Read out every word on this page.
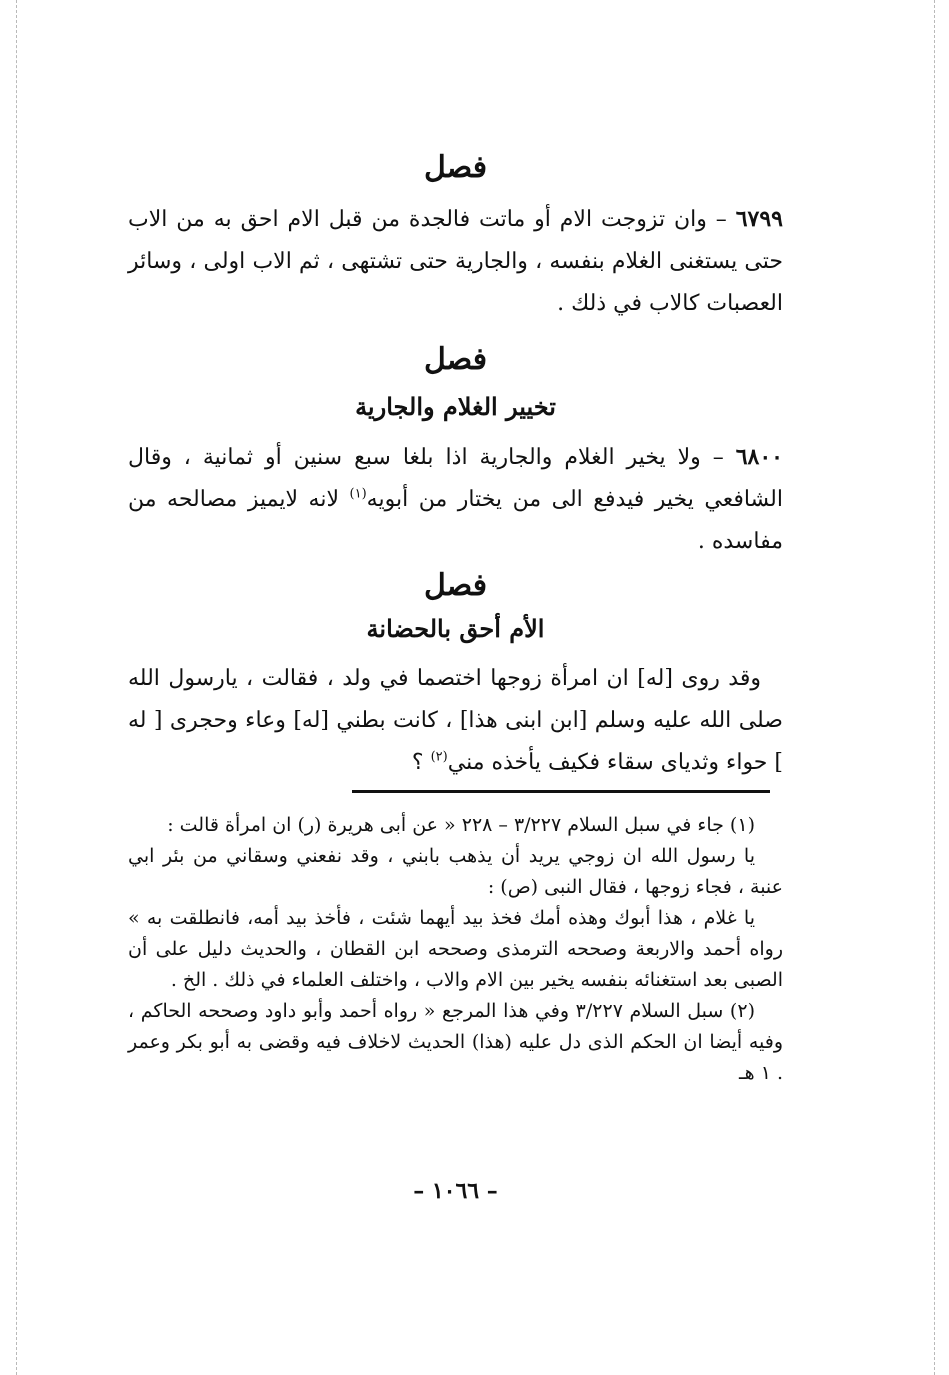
فصل
٦٧٩٩ – وان تزوجت الام أو ماتت فالجدة من قبل الام احق به من الاب حتى يستغنى الغلام بنفسه ، والجارية حتى تشتهى ، ثم الاب اولى ، وسائر العصبات كالاب في ذلك .
فصل
تخيير الغلام والجارية
٦٨٠٠ – ولا يخير الغلام والجارية اذا بلغا سبع سنين أو ثمانية ، وقال الشافعي يخير فيدفع الى من يختار من أبويه$^{(١)}$ لانه لايميز مصالحه من مفاسده .
فصل
الأم أحق بالحضانة
وقد روى [له] ان امرأة زوجها اختصما في ولد ، فقالت ، يارسول الله صلى الله عليه وسلم [ابن ابنى هذا] ، كانت بطني [له] وعاء وحجرى [ له ] حواء وثدياى سقاء فكيف يأخذه مني$^{(٢)}$ ؟

(١) جاء في سبل السلام ٣/٢٢٧ – ٢٢٨ « عن أبى هريرة (ر) ان امرأة قالت :

يا رسول الله ان زوجي يريد أن يذهب بابني ، وقد نفعني وسقاني من بئر ابي عنبة ، فجاء زوجها ، فقال النبى (ص) :

يا غلام ، هذا أبوك وهذه أمك فخذ بيد أيهما شئت ، فأخذ بيد أمه، فانطلقت به » رواه أحمد والاربعة وصححه الترمذى وصححه ابن القطان ، والحديث دليل على أن الصبى بعد استغنائه بنفسه يخير بين الام والاب ، واختلف العلماء في ذلك . الخ .

(٢) سبل السلام ٣/٢٢٧ وفي هذا المرجع « رواه أحمد وأبو داود وصححه الحاكم ، وفيه أيضا ان الحكم الذى دل عليه (هذا) الحديث لاخلاف فيه وقضى به أبو بكر وعمر . ١ هـ

– ١٠٦٦ –
